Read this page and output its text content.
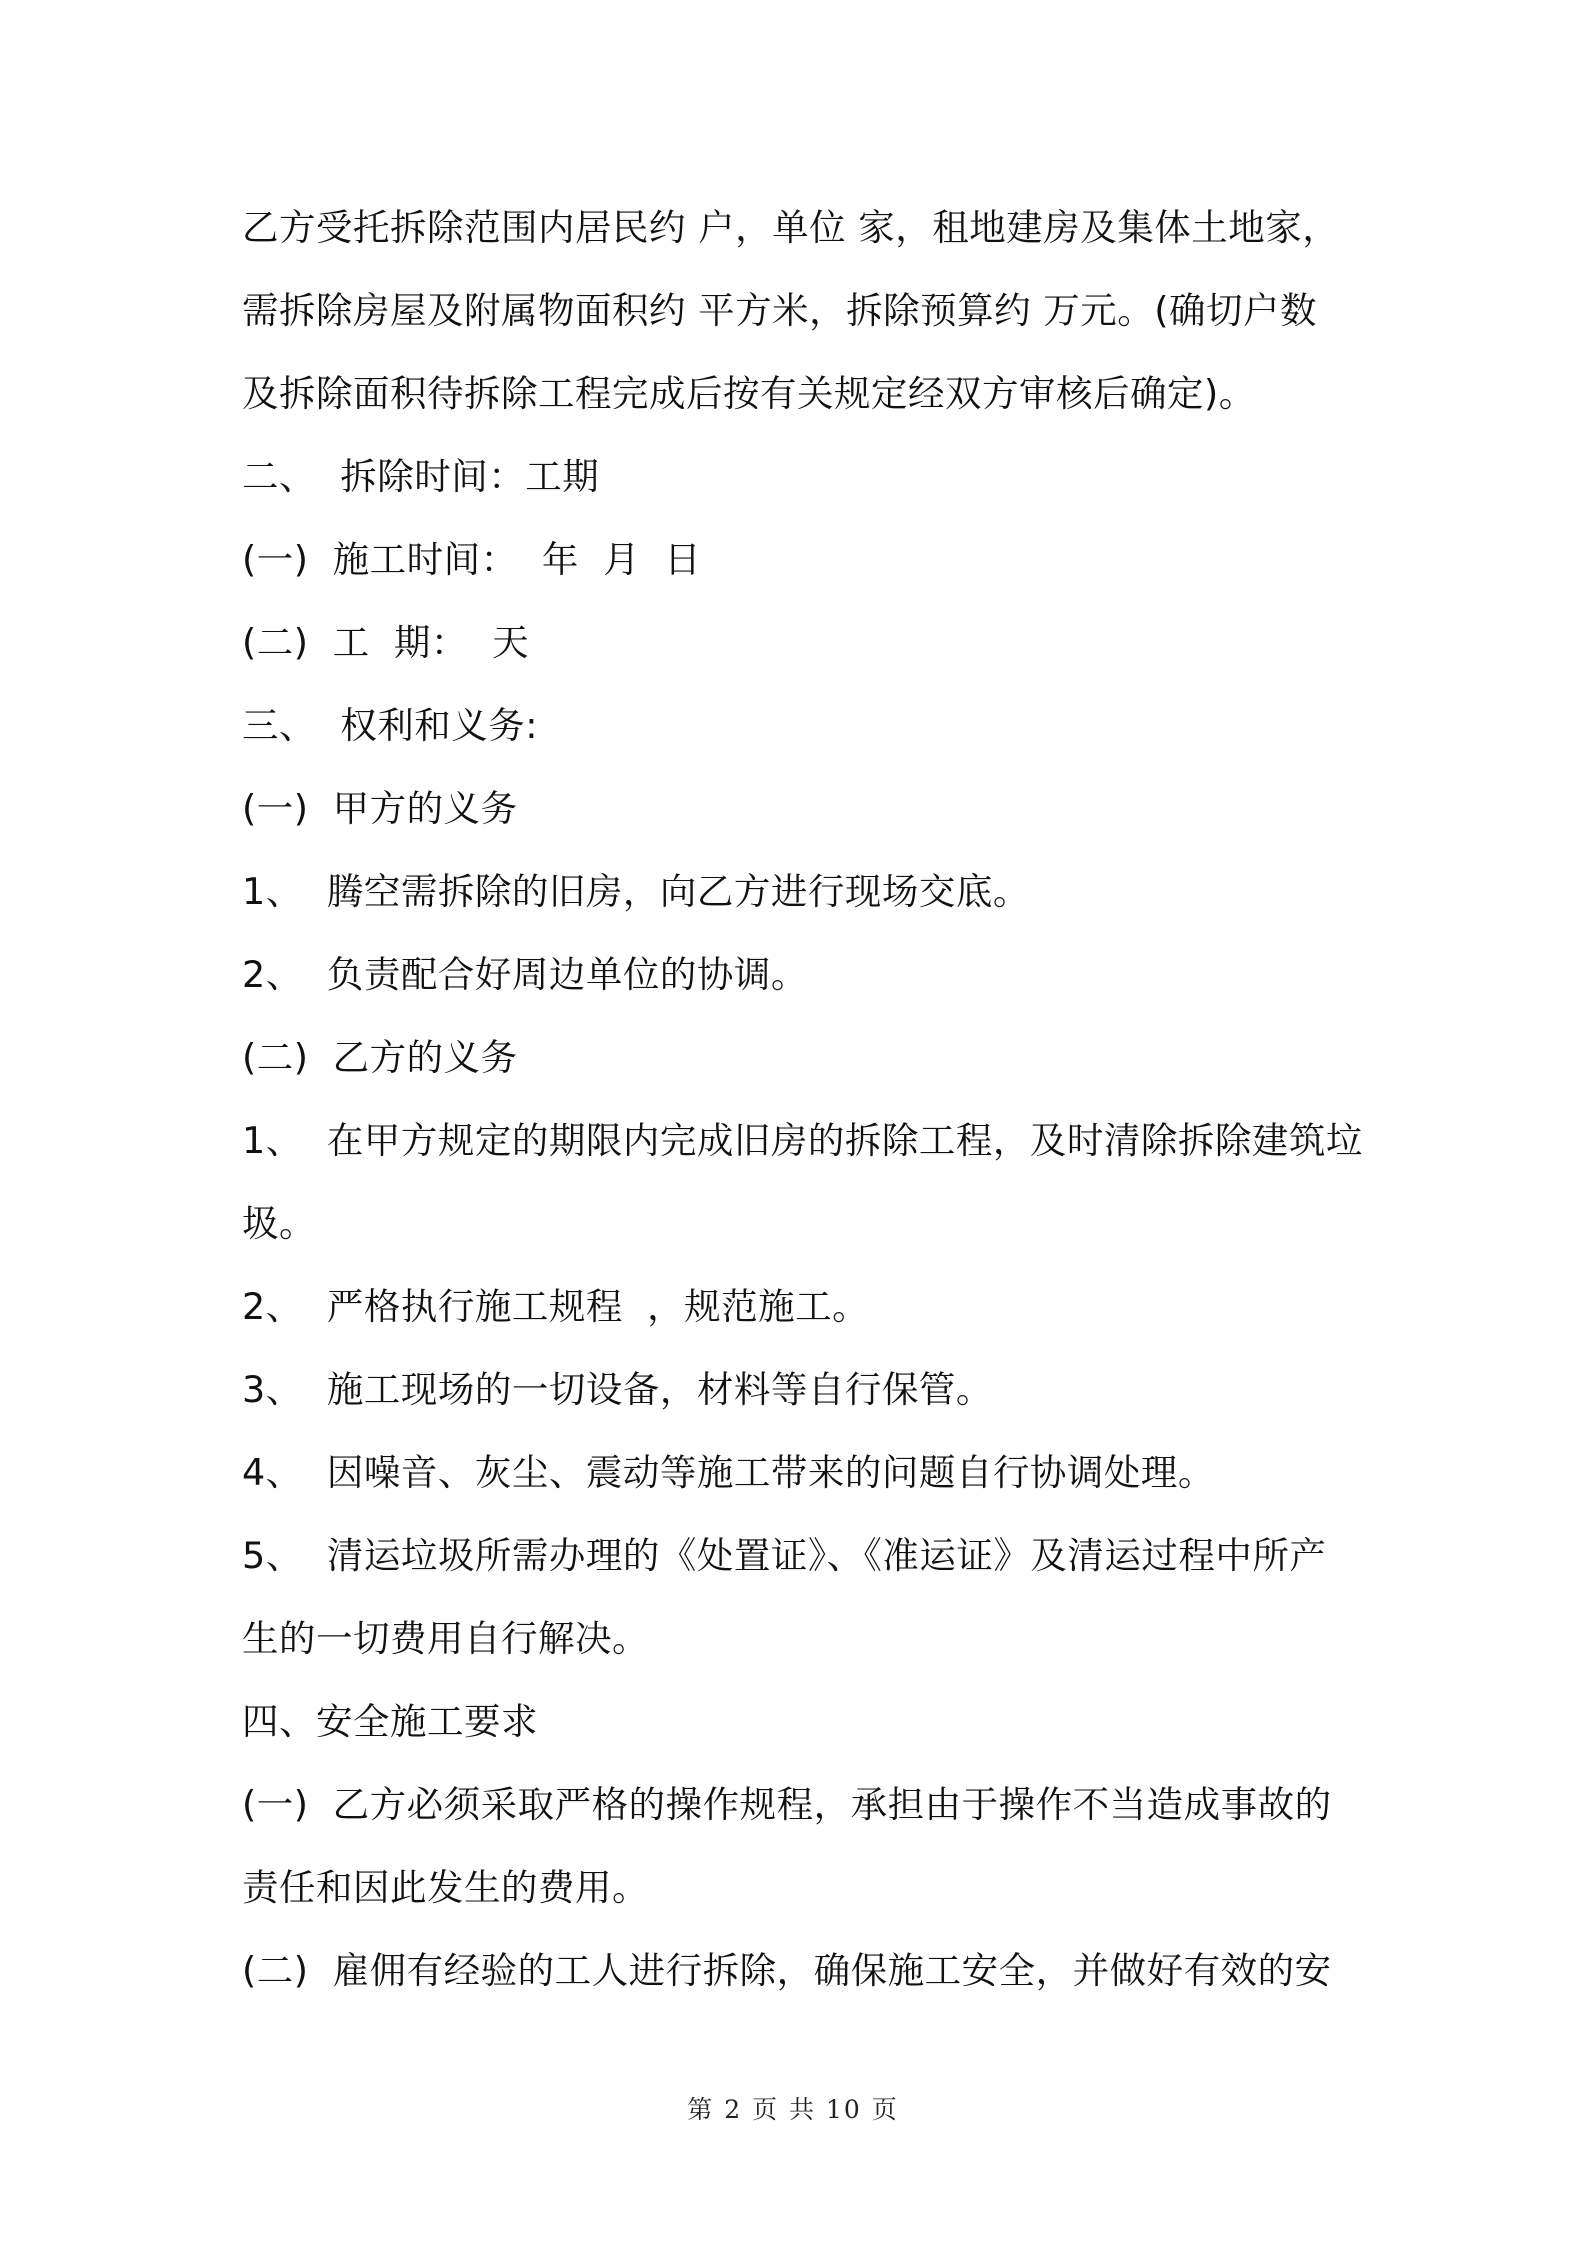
乙方受托拆除范围内居民约 户，单位 家，租地建房及集体土地家，
需拆除房屋及附属物面积约 平方米，拆除预算约 万元。(确切户数
及拆除面积待拆除工程完成后按有关规定经双方审核后确定)。
二、  拆除时间：工期
(一)  施工时间：  年  月  日
(二)  工  期：  天
三、  权利和义务:
(一)  甲方的义务
1、  腾空需拆除的旧房，向乙方进行现场交底。
2、  负责配合好周边单位的协调。
(二)  乙方的义务
1、  在甲方规定的期限内完成旧房的拆除工程，及时清除拆除建筑垃
圾。
2、  严格执行施工规程  ，规范施工。
3、  施工现场的一切设备，材料等自行保管。
4、  因噪音、灰尘、震动等施工带来的问题自行协调处理。
5、  清运垃圾所需办理的《处置证》、《准运证》及清运过程中所产
生的一切费用自行解决。
四、安全施工要求
(一)  乙方必须采取严格的操作规程，承担由于操作不当造成事故的
责任和因此发生的费用。
(二)  雇佣有经验的工人进行拆除，确保施工安全，并做好有效的安
第 2 页 共 10 页
